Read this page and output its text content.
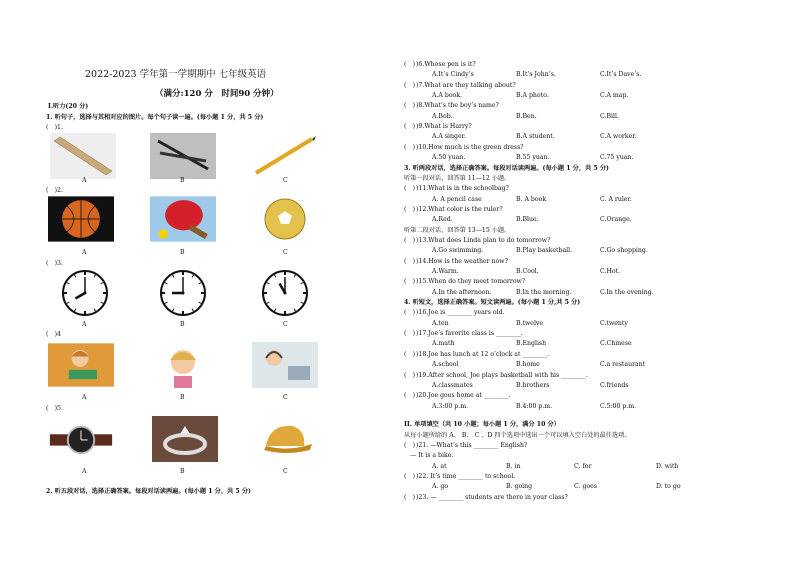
2022-2023 学年第一学期期中 七年级英语
（满分:120 分　时间90 分钟）
I.听力(20 分)
1. 听句子，选择与其相对应的图片。每个句子读一遍。(每小题 1 分，共 5 分)
(　)1.
A	B	C
(　)2.
A	B	C
(　)3.
A	B	C
(　)4
A	B	C
(　)5.
A	B	C
2. 听五段对话，选择正确答案。每段对话读两遍。(每小题 1 分，共 5 分)
(　) )6.Whose pen is it?
A.It’s Cindy’s	B.It’s John’s.	C.It’s Dave’s.
(　) )7.What are they talking about?
A.A book.	B.A photo.	C.A map.
(　) )8.What’s the boy’s name?
A.Bob.	B.Ben.	C.Bill.
(　) )9.What is Harry?
A.A singer.	B.A student.	C.A worker.
(　) )10.How much is the green dress?
A.50 yuan.	B.55 yuan.	C.75 yuan.
3. 听两段对话，选择正确答案。每段对话读两遍。(每小题 1 分，共 5 分)
听第一段对话，回答第 11—12 小题。
(　) )11.What is in the schoolbag?
A. A pencil case	B. A book	C. A ruler.
(　) )12.What color is the ruler?
A.Red.	B.Blue.	C.Orange.
听第二段对话，回答第 13—15 小题。
(　) )13.What does Linda plan to do tomorrow?
A.Go swimming.	B.Play basketball.	C.Go shopping.
(　) )14.How is the weather now?
A.Warm.	B.Cool.	C.Hot.
(　) )15.When do they meet tomorrow?
A.In the afternoon.	B.In the morning.	C.In the evening.
4. 听短文，选择正确答案。短文读两遍。(每小题 1 分,共 5 分)
(　) )16.Joe is ________ years old.
A.ten	B.twelve	C.twenty
(　) )17.Joe’s favorite class is ________.
A.math	B.English	C.Chinese
(　) )18.Joe has lunch at 12 o’clock at ________.
A.school	B.home	C.a restaurant
(　) )19.After school, Joe plays basketball with his ________.
A.classmates	B.brothers	C.friends
(　) )20.Joe goes home at ________.
A.3:00 p.m.	B.4:00 p.m.	C.5:00 p.m.
II. 单项填空（共 10 小题；每小题 1 分，满分 10 分）
从每小题所给的 A、 B、 C 、D 四个选项中选出一个可以填入空白处的最佳选项。
(　) )21. —What’s this ________ English?
　— It is a bike.
A. at	B. in	C. for	D. with
(　) )22. It’s time ________ to school.
A. go	B. going	C. goes	D. to go
(　) )23. — ________ students are there in your class?
